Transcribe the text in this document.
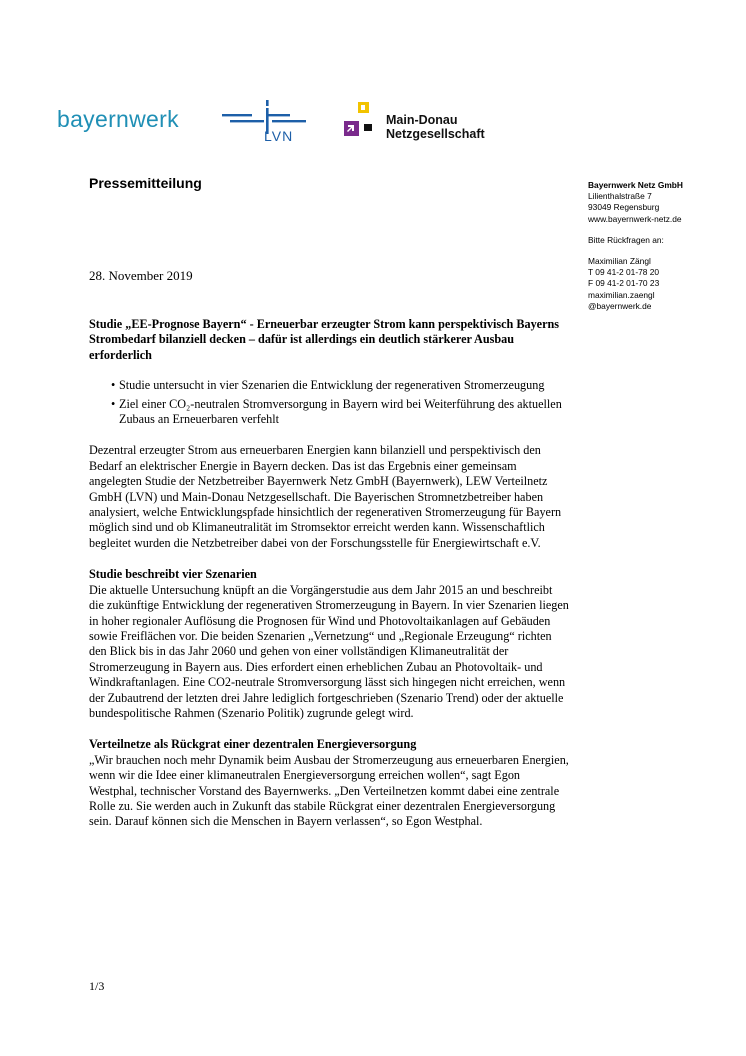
bayernwerk
LVN
Main-Donau
Netzgesellschaft
Pressemitteilung	Bayernwerk Netz GmbH
Lilienthalstraße 7
93049 Regensburg
www.bayernwerk-netz.de
Bitte Rückfragen an:
Maximilian Zängl
T 09 41-2 01-78 20
F 09 41-2 01-70 23
maximilian.zaengl
@bayernwerk.de
28. November 2019

Studie „EE-Prognose Bayern“ - Erneuerbar erzeugter Strom kann perspektivisch Bayerns Strombedarf bilanziell decken – dafür ist allerdings ein deutlich stärkerer Ausbau erforderlich

• Studie untersucht in vier Szenarien die Entwicklung der regenerativen Stromerzeugung
• Ziel einer CO₂-neutralen Stromversorgung in Bayern wird bei Weiterführung des aktuellen Zubaus an Erneuerbaren verfehlt

Dezentral erzeugter Strom aus erneuerbaren Energien kann bilanziell und perspektivisch den Bedarf an elektrischer Energie in Bayern decken. Das ist das Ergebnis einer gemeinsam angelegten Studie der Netzbetreiber Bayernwerk Netz GmbH (Bayernwerk), LEW Verteilnetz GmbH (LVN) und Main-Donau Netzgesellschaft. Die Bayerischen Stromnetzbetreiber haben analysiert, welche Entwicklungspfade hinsichtlich der regenerativen Stromerzeugung für Bayern möglich sind und ob Klimaneutralität im Stromsektor erreicht werden kann. Wissenschaftlich begleitet wurden die Netzbetreiber dabei von der Forschungsstelle für Energiewirtschaft e.V.

Studie beschreibt vier Szenarien

Die aktuelle Untersuchung knüpft an die Vorgängerstudie aus dem Jahr 2015 an und beschreibt die zukünftige Entwicklung der regenerativen Stromerzeugung in Bayern. In vier Szenarien liegen in hoher regionaler Auflösung die Prognosen für Wind und Photovoltaikanlagen auf Gebäuden sowie Freiflächen vor. Die beiden Szenarien „Vernetzung“ und „Regionale Erzeugung“ richten den Blick bis in das Jahr 2060 und gehen von einer vollständigen Klimaneutralität der Stromerzeugung in Bayern aus. Dies erfordert einen erheblichen Zubau an Photovoltaik- und Windkraftanlagen. Eine CO2-neutrale Stromversorgung lässt sich hingegen nicht erreichen, wenn der Zubautrend der letzten drei Jahre lediglich fortgeschrieben (Szenario Trend) oder der aktuelle bundespolitische Rahmen (Szenario Politik) zugrunde gelegt wird.

Verteilnetze als Rückgrat einer dezentralen Energieversorgung

„Wir brauchen noch mehr Dynamik beim Ausbau der Stromerzeugung aus erneuerbaren Energien, wenn wir die Idee einer klimaneutralen Energieversorgung erreichen wollen“, sagt Egon Westphal, technischer Vorstand des Bayernwerks. „Den Verteilnetzen kommt dabei eine zentrale Rolle zu. Sie werden auch in Zukunft das stabile Rückgrat einer dezentralen Energieversorgung sein. Darauf können sich die Menschen in Bayern verlassen“, so Egon Westphal.

1/3
